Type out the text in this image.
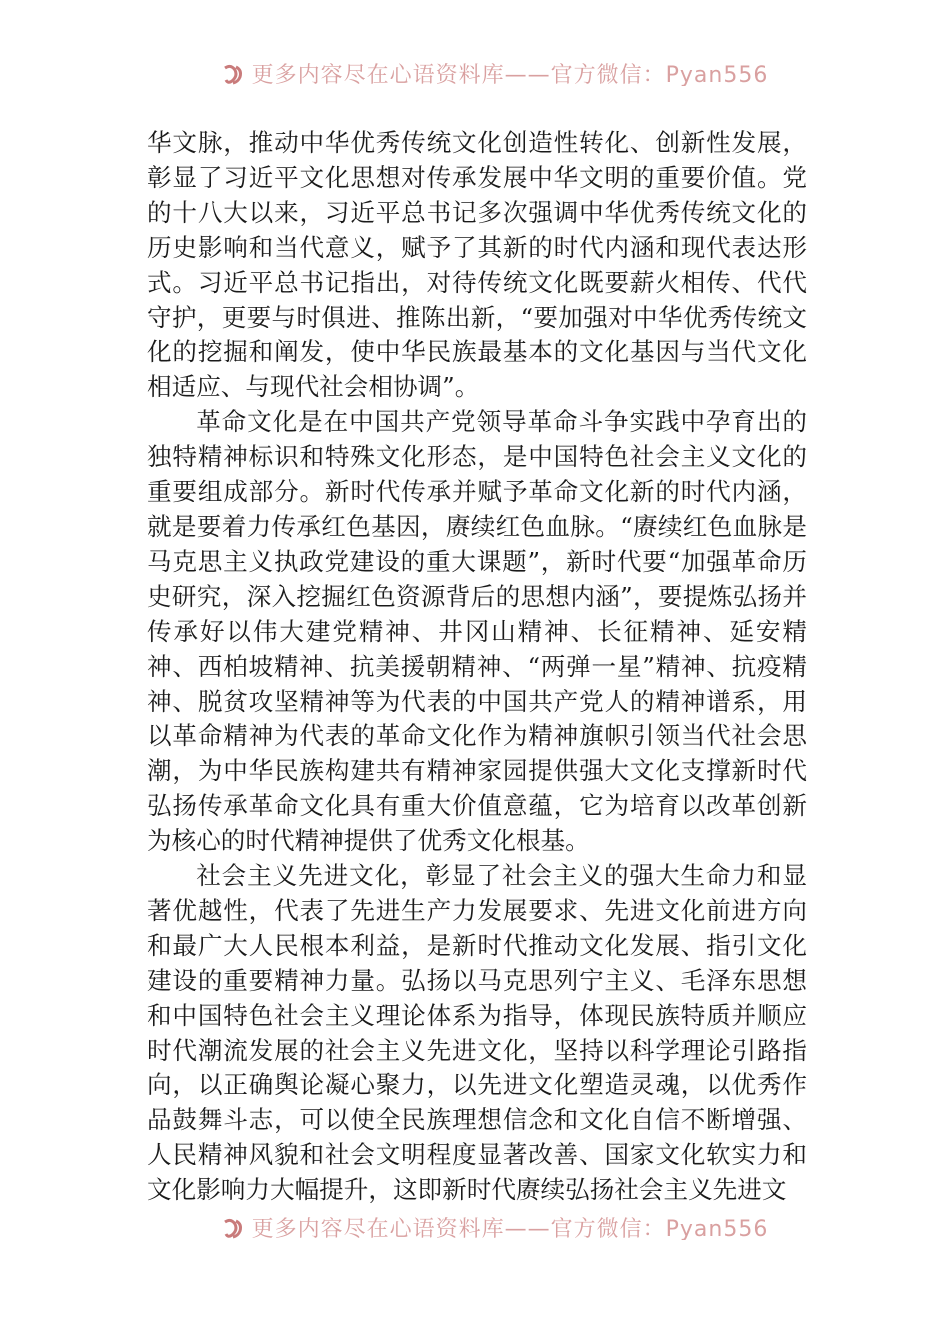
更多内容尽在心语资料库——官方微信：Pyan556

华文脉，推动中华优秀传统文化创造性转化、创新性发展，彰显了习近平文化思想对传承发展中华文明的重要价值。党的十八大以来，习近平总书记多次强调中华优秀传统文化的历史影响和当代意义，赋予了其新的时代内涵和现代表达形式。习近平总书记指出，对待传统文化既要薪火相传、代代守护，更要与时俱进、推陈出新，“要加强对中华优秀传统文化的挖掘和阐发，使中华民族最基本的文化基因与当代文化相适应、与现代社会相协调”。

革命文化是在中国共产党领导革命斗争实践中孕育出的独特精神标识和特殊文化形态，是中国特色社会主义文化的重要组成部分。新时代传承并赋予革命文化新的时代内涵，就是要着力传承红色基因，赓续红色血脉。“赓续红色血脉是马克思主义执政党建设的重大课题”，新时代要“加强革命历史研究，深入挖掘红色资源背后的思想内涵”，要提炼弘扬并传承好以伟大建党精神、井冈山精神、长征精神、延安精神、西柏坡精神、抗美援朝精神、“两弹一星”精神、抗疫精神、脱贫攻坚精神等为代表的中国共产党人的精神谱系，用以革命精神为代表的革命文化作为精神旗帜引领当代社会思潮，为中华民族构建共有精神家园提供强大文化支撑新时代弘扬传承革命文化具有重大价值意蕴，它为培育以改革创新为核心的时代精神提供了优秀文化根基。

社会主义先进文化，彰显了社会主义的强大生命力和显著优越性，代表了先进生产力发展要求、先进文化前进方向和最广大人民根本利益，是新时代推动文化发展、指引文化建设的重要精神力量。弘扬以马克思列宁主义、毛泽东思想和中国特色社会主义理论体系为指导，体现民族特质并顺应时代潮流发展的社会主义先进文化，坚持以科学理论引路指向，以正确舆论凝心聚力，以先进文化塑造灵魂，以优秀作品鼓舞斗志，可以使全民族理想信念和文化自信不断增强、人民精神风貌和社会文明程度显著改善、国家文化软实力和文化影响力大幅提升，这即新时代赓续弘扬社会主义先进文

更多内容尽在心语资料库——官方微信：Pyan556
